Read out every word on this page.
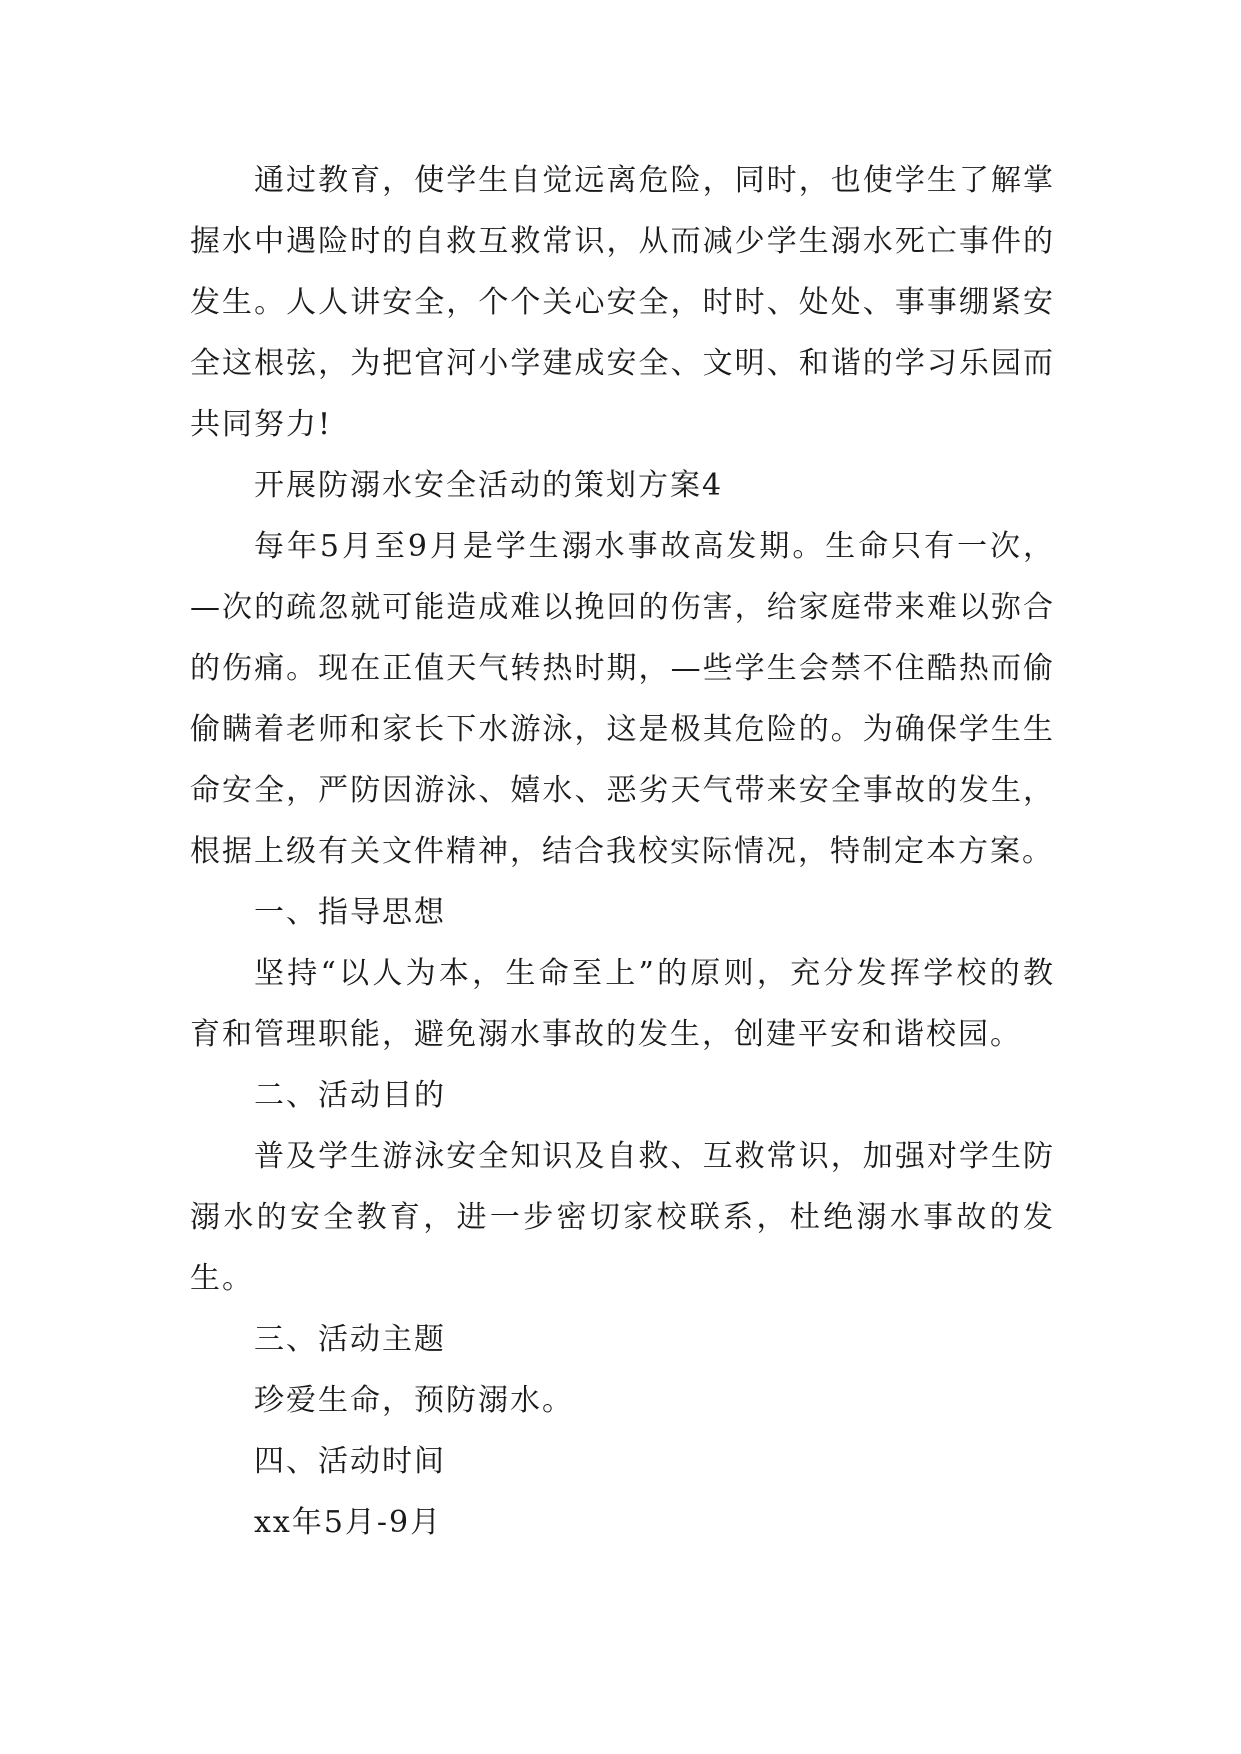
通过教育，使学生自觉远离危险，同时，也使学生了解掌握水中遇险时的自救互救常识，从而减少学生溺水死亡事件的发生。人人讲安全，个个关心安全，时时、处处、事事绷紧安全这根弦，为把官河小学建成安全、文明、和谐的学习乐园而共同努力!

开展防溺水安全活动的策划方案4

每年5月至9月是学生溺水事故高发期。生命只有一次，—次的疏忽就可能造成难以挽回的伤害，给家庭带来难以弥合的伤痛。现在正值天气转热时期，—些学生会禁不住酷热而偷偷瞒着老师和家长下水游泳，这是极其危险的。为确保学生生命安全，严防因游泳、嬉水、恶劣天气带来安全事故的发生，根据上级有关文件精神，结合我校实际情况，特制定本方案。

一、指导思想

坚持“以人为本，生命至上”的原则，充分发挥学校的教育和管理职能，避免溺水事故的发生，创建平安和谐校园。

二、活动目的

普及学生游泳安全知识及自救、互救常识，加强对学生防溺水的安全教育，进一步密切家校联系，杜绝溺水事故的发生。

三、活动主题

珍爱生命，预防溺水。

四、活动时间

xx年5月-9月
